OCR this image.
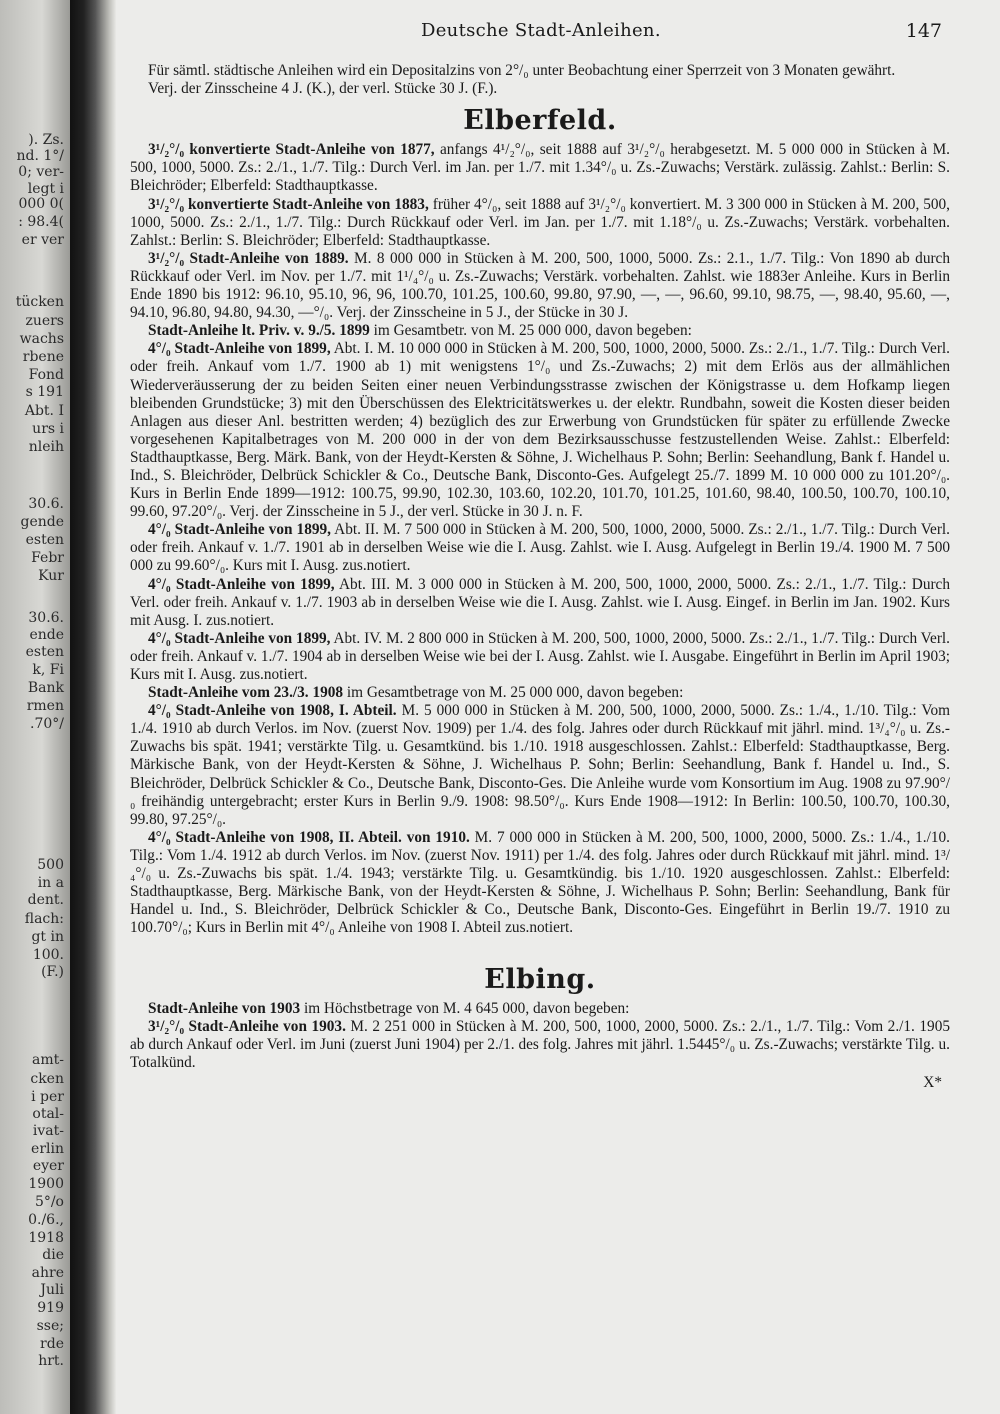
). Zs.
nd. 1°/
0; ver-
legt i
000 0(
: 98.4(
er ver
tücken
zuers
wachs
rbene
Fond
s 191
Abt. I
urs i
nleih
30.6.
gende
esten
Febr
Kur
30.6.
ende
esten
k, Fi
Bank
rmen
.70°/
500
in a
dent.
flach:
gt in
100.
(F.)
amt-
cken
i per
otal-
ivat-
erlin
eyer
1900
5°/o
0./6.,
1918
die
ahre
Juli
919
sse;
rde
hrt.
Deutsche Stadt-Anleihen.	147

Für sämtl. städtische Anleihen wird ein Depositalzins von 2°/₀ unter Beobachtung einer Sperrzeit von 3 Monaten gewährt.

Verj. der Zinsscheine 4 J. (K.), der verl. Stücke 30 J. (F.).

Elberfeld.

3¹/₂°/₀ konvertierte Stadt-Anleihe von 1877, anfangs 4¹/₂°/₀, seit 1888 auf 3¹/₂°/₀ herabgesetzt. M. 5 000 000 in Stücken à M. 500, 1000, 5000. Zs.: 2./1., 1./7. Tilg.: Durch Verl. im Jan. per 1./7. mit 1.34°/₀ u. Zs.-Zuwachs; Verstärk. zulässig. Zahlst.: Berlin: S. Bleichröder; Elberfeld: Stadthauptkasse.

3¹/₂°/₀ konvertierte Stadt-Anleihe von 1883, früher 4°/₀, seit 1888 auf 3¹/₂°/₀ konvertiert. M. 3 300 000 in Stücken à M. 200, 500, 1000, 5000. Zs.: 2./1., 1./7. Tilg.: Durch Rückkauf oder Verl. im Jan. per 1./7. mit 1.18°/₀ u. Zs.-Zuwachs; Verstärk. vorbehalten. Zahlst.: Berlin: S. Bleichröder; Elberfeld: Stadthauptkasse.

3¹/₂°/₀ Stadt-Anleihe von 1889. M. 8 000 000 in Stücken à M. 200, 500, 1000, 5000. Zs.: 2.1., 1./7. Tilg.: Von 1890 ab durch Rückkauf oder Verl. im Nov. per 1./7. mit 1¹/₄°/₀ u. Zs.-Zuwachs; Verstärk. vorbehalten. Zahlst. wie 1883er Anleihe. Kurs in Berlin Ende 1890 bis 1912: 96.10, 95.10, 96, 96, 100.70, 101.25, 100.60, 99.80, 97.90, —, —, 96.60, 99.10, 98.75, —, 98.40, 95.60, —, 94.10, 96.80, 94.80, 94.30, —°/₀. Verj. der Zinsscheine in 5 J., der Stücke in 30 J.

Stadt-Anleihe lt. Priv. v. 9./5. 1899 im Gesamtbetr. von M. 25 000 000, davon begeben:

4°/₀ Stadt-Anleihe von 1899, Abt. I. M. 10 000 000 in Stücken à M. 200, 500, 1000, 2000, 5000. Zs.: 2./1., 1./7. Tilg.: Durch Verl. oder freih. Ankauf vom 1./7. 1900 ab 1) mit wenigstens 1°/₀ und Zs.-Zuwachs; 2) mit dem Erlös aus der allmählichen Wiederveräusserung der zu beiden Seiten einer neuen Verbindungsstrasse zwischen der Königstrasse u. dem Hofkamp liegen bleibenden Grundstücke; 3) mit den Überschüssen des Elektricitätswerkes u. der elektr. Rundbahn, soweit die Kosten dieser beiden Anlagen aus dieser Anl. bestritten werden; 4) bezüglich des zur Erwerbung von Grundstücken für später zu erfüllende Zwecke vorgesehenen Kapitalbetrages von M. 200 000 in der von dem Bezirksausschusse festzustellenden Weise. Zahlst.: Elberfeld: Stadthauptkasse, Berg. Märk. Bank, von der Heydt-Kersten & Söhne, J. Wichelhaus P. Sohn; Berlin: Seehandlung, Bank f. Handel u. Ind., S. Bleichröder, Delbrück Schickler & Co., Deutsche Bank, Disconto-Ges. Aufgelegt 25./7. 1899 M. 10 000 000 zu 101.20°/₀. Kurs in Berlin Ende 1899—1912: 100.75, 99.90, 102.30, 103.60, 102.20, 101.70, 101.25, 101.60, 98.40, 100.50, 100.70, 100.10, 99.60, 97.20°/₀. Verj. der Zinsscheine in 5 J., der verl. Stücke in 30 J. n. F.

4°/₀ Stadt-Anleihe von 1899, Abt. II. M. 7 500 000 in Stücken à M. 200, 500, 1000, 2000, 5000. Zs.: 2./1., 1./7. Tilg.: Durch Verl. oder freih. Ankauf v. 1./7. 1901 ab in derselben Weise wie die I. Ausg. Zahlst. wie I. Ausg. Aufgelegt in Berlin 19./4. 1900 M. 7 500 000 zu 99.60°/₀. Kurs mit I. Ausg. zus.notiert.

4°/₀ Stadt-Anleihe von 1899, Abt. III. M. 3 000 000 in Stücken à M. 200, 500, 1000, 2000, 5000. Zs.: 2./1., 1./7. Tilg.: Durch Verl. oder freih. Ankauf v. 1./7. 1903 ab in derselben Weise wie die I. Ausg. Zahlst. wie I. Ausg. Eingef. in Berlin im Jan. 1902. Kurs mit Ausg. I. zus.notiert.

4°/₀ Stadt-Anleihe von 1899, Abt. IV. M. 2 800 000 in Stücken à M. 200, 500, 1000, 2000, 5000. Zs.: 2./1., 1./7. Tilg.: Durch Verl. oder freih. Ankauf v. 1./7. 1904 ab in derselben Weise wie bei der I. Ausg. Zahlst. wie I. Ausgabe. Eingeführt in Berlin im April 1903; Kurs mit I. Ausg. zus.notiert.

Stadt-Anleihe vom 23./3. 1908 im Gesamtbetrage von M. 25 000 000, davon begeben:

4°/₀ Stadt-Anleihe von 1908, I. Abteil. M. 5 000 000 in Stücken à M. 200, 500, 1000, 2000, 5000. Zs.: 1./4., 1./10. Tilg.: Vom 1./4. 1910 ab durch Verlos. im Nov. (zuerst Nov. 1909) per 1./4. des folg. Jahres oder durch Rückkauf mit jährl. mind. 1³/₄°/₀ u. Zs.-Zuwachs bis spät. 1941; verstärkte Tilg. u. Gesamtkünd. bis 1./10. 1918 ausgeschlossen. Zahlst.: Elberfeld: Stadthauptkasse, Berg. Märkische Bank, von der Heydt-Kersten & Söhne, J. Wichelhaus P. Sohn; Berlin: Seehandlung, Bank f. Handel u. Ind., S. Bleichröder, Delbrück Schickler & Co., Deutsche Bank, Disconto-Ges. Die Anleihe wurde vom Konsortium im Aug. 1908 zu 97.90°/₀ freihändig untergebracht; erster Kurs in Berlin 9./9. 1908: 98.50°/₀. Kurs Ende 1908—1912: In Berlin: 100.50, 100.70, 100.30, 99.80, 97.25°/₀.

4°/₀ Stadt-Anleihe von 1908, II. Abteil. von 1910. M. 7 000 000 in Stücken à M. 200, 500, 1000, 2000, 5000. Zs.: 1./4., 1./10. Tilg.: Vom 1./4. 1912 ab durch Verlos. im Nov. (zuerst Nov. 1911) per 1./4. des folg. Jahres oder durch Rückkauf mit jährl. mind. 1³/₄°/₀ u. Zs.-Zuwachs bis spät. 1./4. 1943; verstärkte Tilg. u. Gesamtkündig. bis 1./10. 1920 ausgeschlossen. Zahlst.: Elberfeld: Stadthauptkasse, Berg. Märkische Bank, von der Heydt-Kersten & Söhne, J. Wichelhaus P. Sohn; Berlin: Seehandlung, Bank für Handel u. Ind., S. Bleichröder, Delbrück Schickler & Co., Deutsche Bank, Disconto-Ges. Eingeführt in Berlin 19./7. 1910 zu 100.70°/₀; Kurs in Berlin mit 4°/₀ Anleihe von 1908 I. Abteil zus.notiert.

Elbing.

Stadt-Anleihe von 1903 im Höchstbetrage von M. 4 645 000, davon begeben:

3¹/₂°/₀ Stadt-Anleihe von 1903. M. 2 251 000 in Stücken à M. 200, 500, 1000, 2000, 5000. Zs.: 2./1., 1./7. Tilg.: Vom 2./1. 1905 ab durch Ankauf oder Verl. im Juni (zuerst Juni 1904) per 2./1. des folg. Jahres mit jährl. 1.5445°/₀ u. Zs.-Zuwachs; verstärkte Tilg. u. Totalkünd.

X*
